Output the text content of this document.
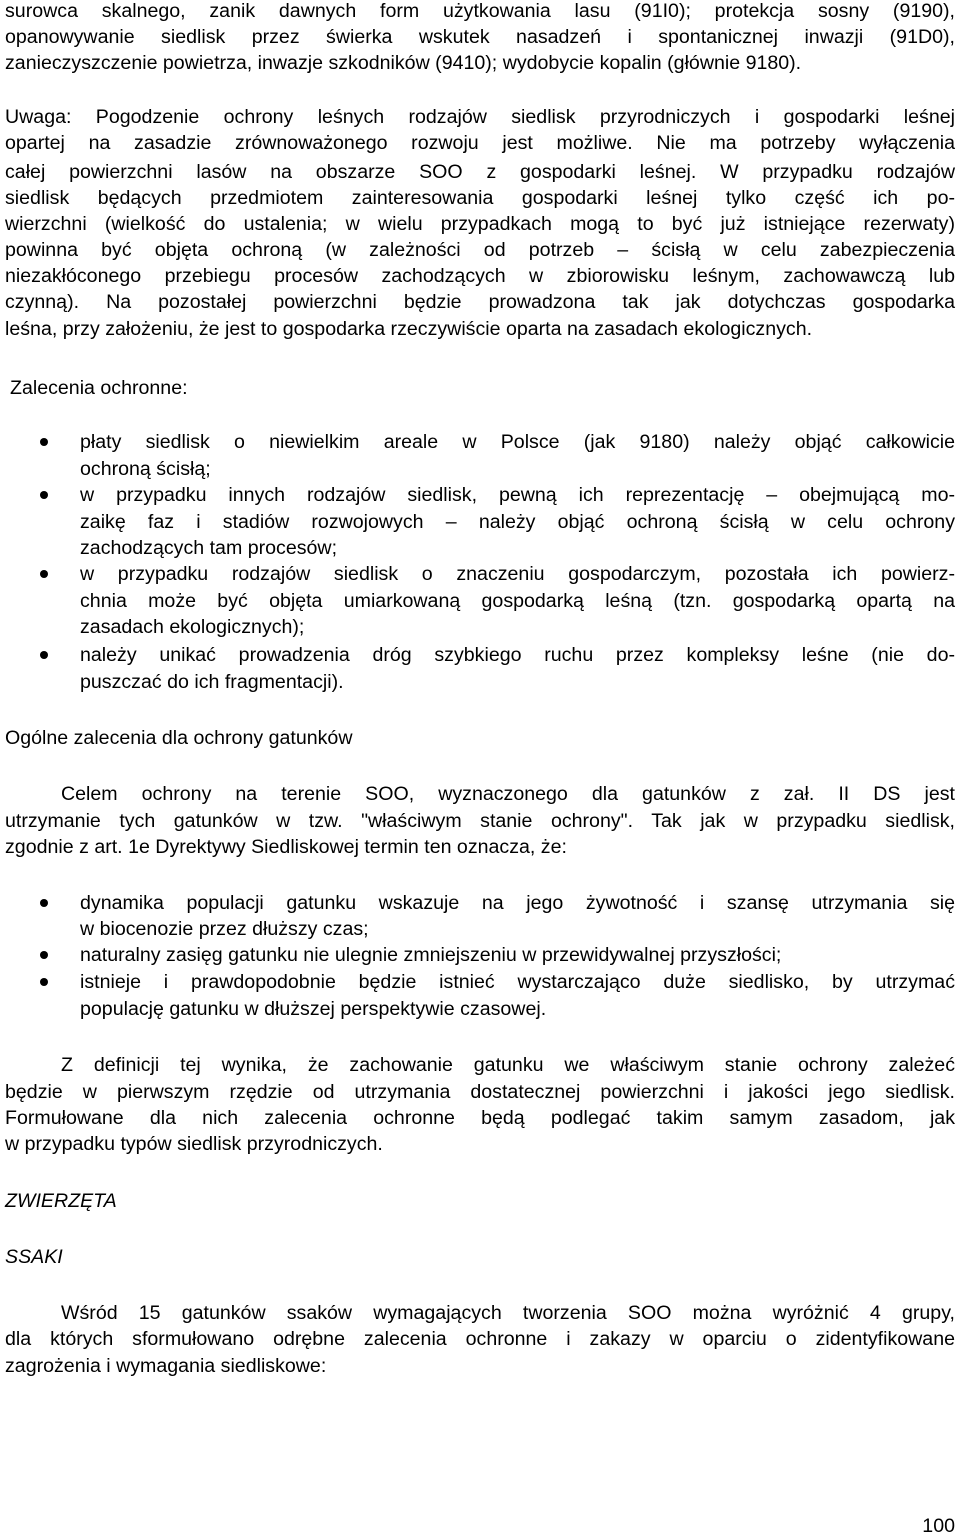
surowca skalnego, zanik dawnych form użytkowania lasu (91I0); protekcja sosny (9190),
opanowywanie siedlisk przez świerka wskutek nasadzeń i spontanicznej inwazji (91D0),
zanieczyszczenie powietrza, inwazje szkodników (9410); wydobycie kopalin (głównie 9180).
Uwaga: Pogodzenie ochrony leśnych rodzajów siedlisk przyrodniczych i gospodarki leśnej
opartej na zasadzie zrównoważonego rozwoju jest możliwe. Nie ma potrzeby wyłączenia
całej powierzchni lasów na obszarze SOO z gospodarki leśnej. W przypadku rodzajów
siedlisk będących przedmiotem zainteresowania gospodarki leśnej tylko część ich po-
wierzchni (wielkość do ustalenia; w wielu przypadkach mogą to być już istniejące rezerwaty)
powinna być objęta ochroną (w zależności od potrzeb – ścisłą w celu zabezpieczenia
niezakłóconego przebiegu procesów zachodzących w zbiorowisku leśnym, zachowawczą lub
czynną). Na pozostałej powierzchni będzie prowadzona tak jak dotychczas gospodarka
leśna, przy założeniu, że jest to gospodarka rzeczywiście oparta na zasadach ekologicznych.
Zalecenia ochronne:
płaty siedlisk o niewielkim areale w Polsce (jak 9180) należy objąć całkowicie
ochroną ścisłą;
w przypadku innych rodzajów siedlisk, pewną ich reprezentację – obejmującą mo-
zaikę faz i stadiów rozwojowych – należy objąć ochroną ścisłą w celu ochrony
zachodzących tam procesów;
w przypadku rodzajów siedlisk o znaczeniu gospodarczym, pozostała ich powierz-
chnia może być objęta umiarkowaną gospodarką leśną (tzn. gospodarką opartą na
zasadach ekologicznych);
należy unikać prowadzenia dróg szybkiego ruchu przez kompleksy leśne (nie do-
puszczać do ich fragmentacji).
Ogólne zalecenia dla ochrony gatunków
Celem ochrony na terenie SOO, wyznaczonego dla gatunków z zał. II DS jest
utrzymanie tych gatunków w tzw. "właściwym stanie ochrony". Tak jak w przypadku siedlisk,
zgodnie z art. 1e Dyrektywy Siedliskowej termin ten oznacza, że:
dynamika populacji gatunku wskazuje na jego żywotność i szansę utrzymania się
w biocenozie przez dłuższy czas;
naturalny zasięg gatunku nie ulegnie zmniejszeniu w przewidywalnej przyszłości;
istnieje i prawdopodobnie będzie istnieć wystarczająco duże siedlisko, by utrzymać
populację gatunku w dłuższej perspektywie czasowej.
Z definicji tej wynika, że zachowanie gatunku we właściwym stanie ochrony zależeć
będzie w pierwszym rzędzie od utrzymania dostatecznej powierzchni i jakości jego siedlisk.
Formułowane dla nich zalecenia ochronne będą podlegać takim samym zasadom, jak
w przypadku typów siedlisk przyrodniczych.
ZWIERZĘTA
SSAKI
Wśród 15 gatunków ssaków wymagających tworzenia SOO można wyróżnić 4 grupy,
dla których sformułowano odrębne zalecenia ochronne i zakazy w oparciu o zidentyfikowane
zagrożenia i wymagania siedliskowe:
100
